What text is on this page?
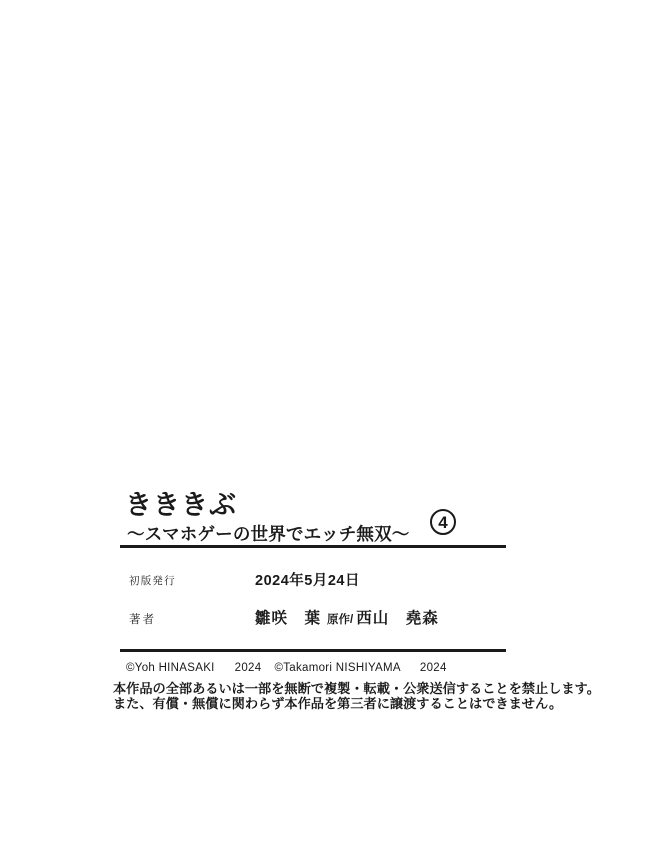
きききぶ
〜スマホゲーの世界でエッチ無双〜
4
初版発行	2024年5月24日
著者	雛咲　葉 原作/ 西山　堯森
©Yoh HINASAKI 2024 ©Takamori NISHIYAMA 2024
本作品の全部あるいは一部を無断で複製・転載・公衆送信することを禁止します。
また、有償・無償に関わらず本作品を第三者に譲渡することはできません。
